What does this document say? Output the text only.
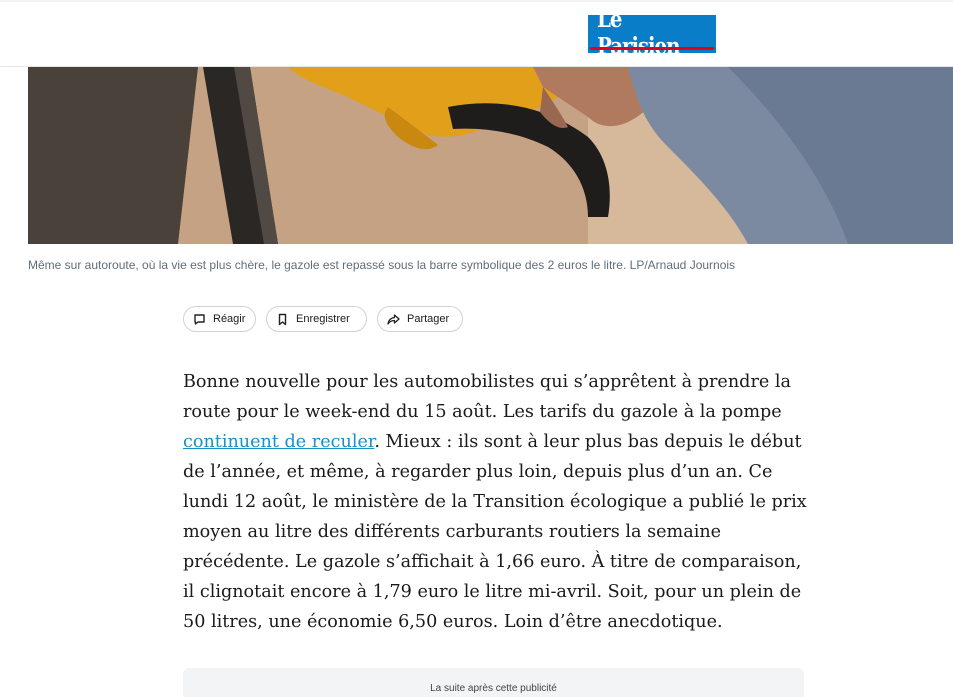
Le
Même sur autoroute, où la vie est plus chère, le gazole est repassé sous la barre symbolique des 2 euros le litre. LP/Arnaud Journois
Réagir	Enregistrer	Partager

Bonne nouvelle pour les automobilistes qui s’apprêtent à prendre la route pour le week-end du 15 août. Les tarifs du gazole à la pompe continuent de reculer. Mieux : ils sont à leur plus bas depuis le début de l’année, et même, à regarder plus loin, depuis plus d’un an. Ce lundi 12 août, le ministère de la Transition écologique a publié le prix moyen au litre des différents carburants routiers la semaine précédente. Le gazole s’affichait à 1,66 euro. À titre de comparaison, il clignotait encore à 1,79 euro le litre mi-avril. Soit, pour un plein de 50 litres, une économie 6,50 euros. Loin d’être anecdotique.

La suite après cette publicité
